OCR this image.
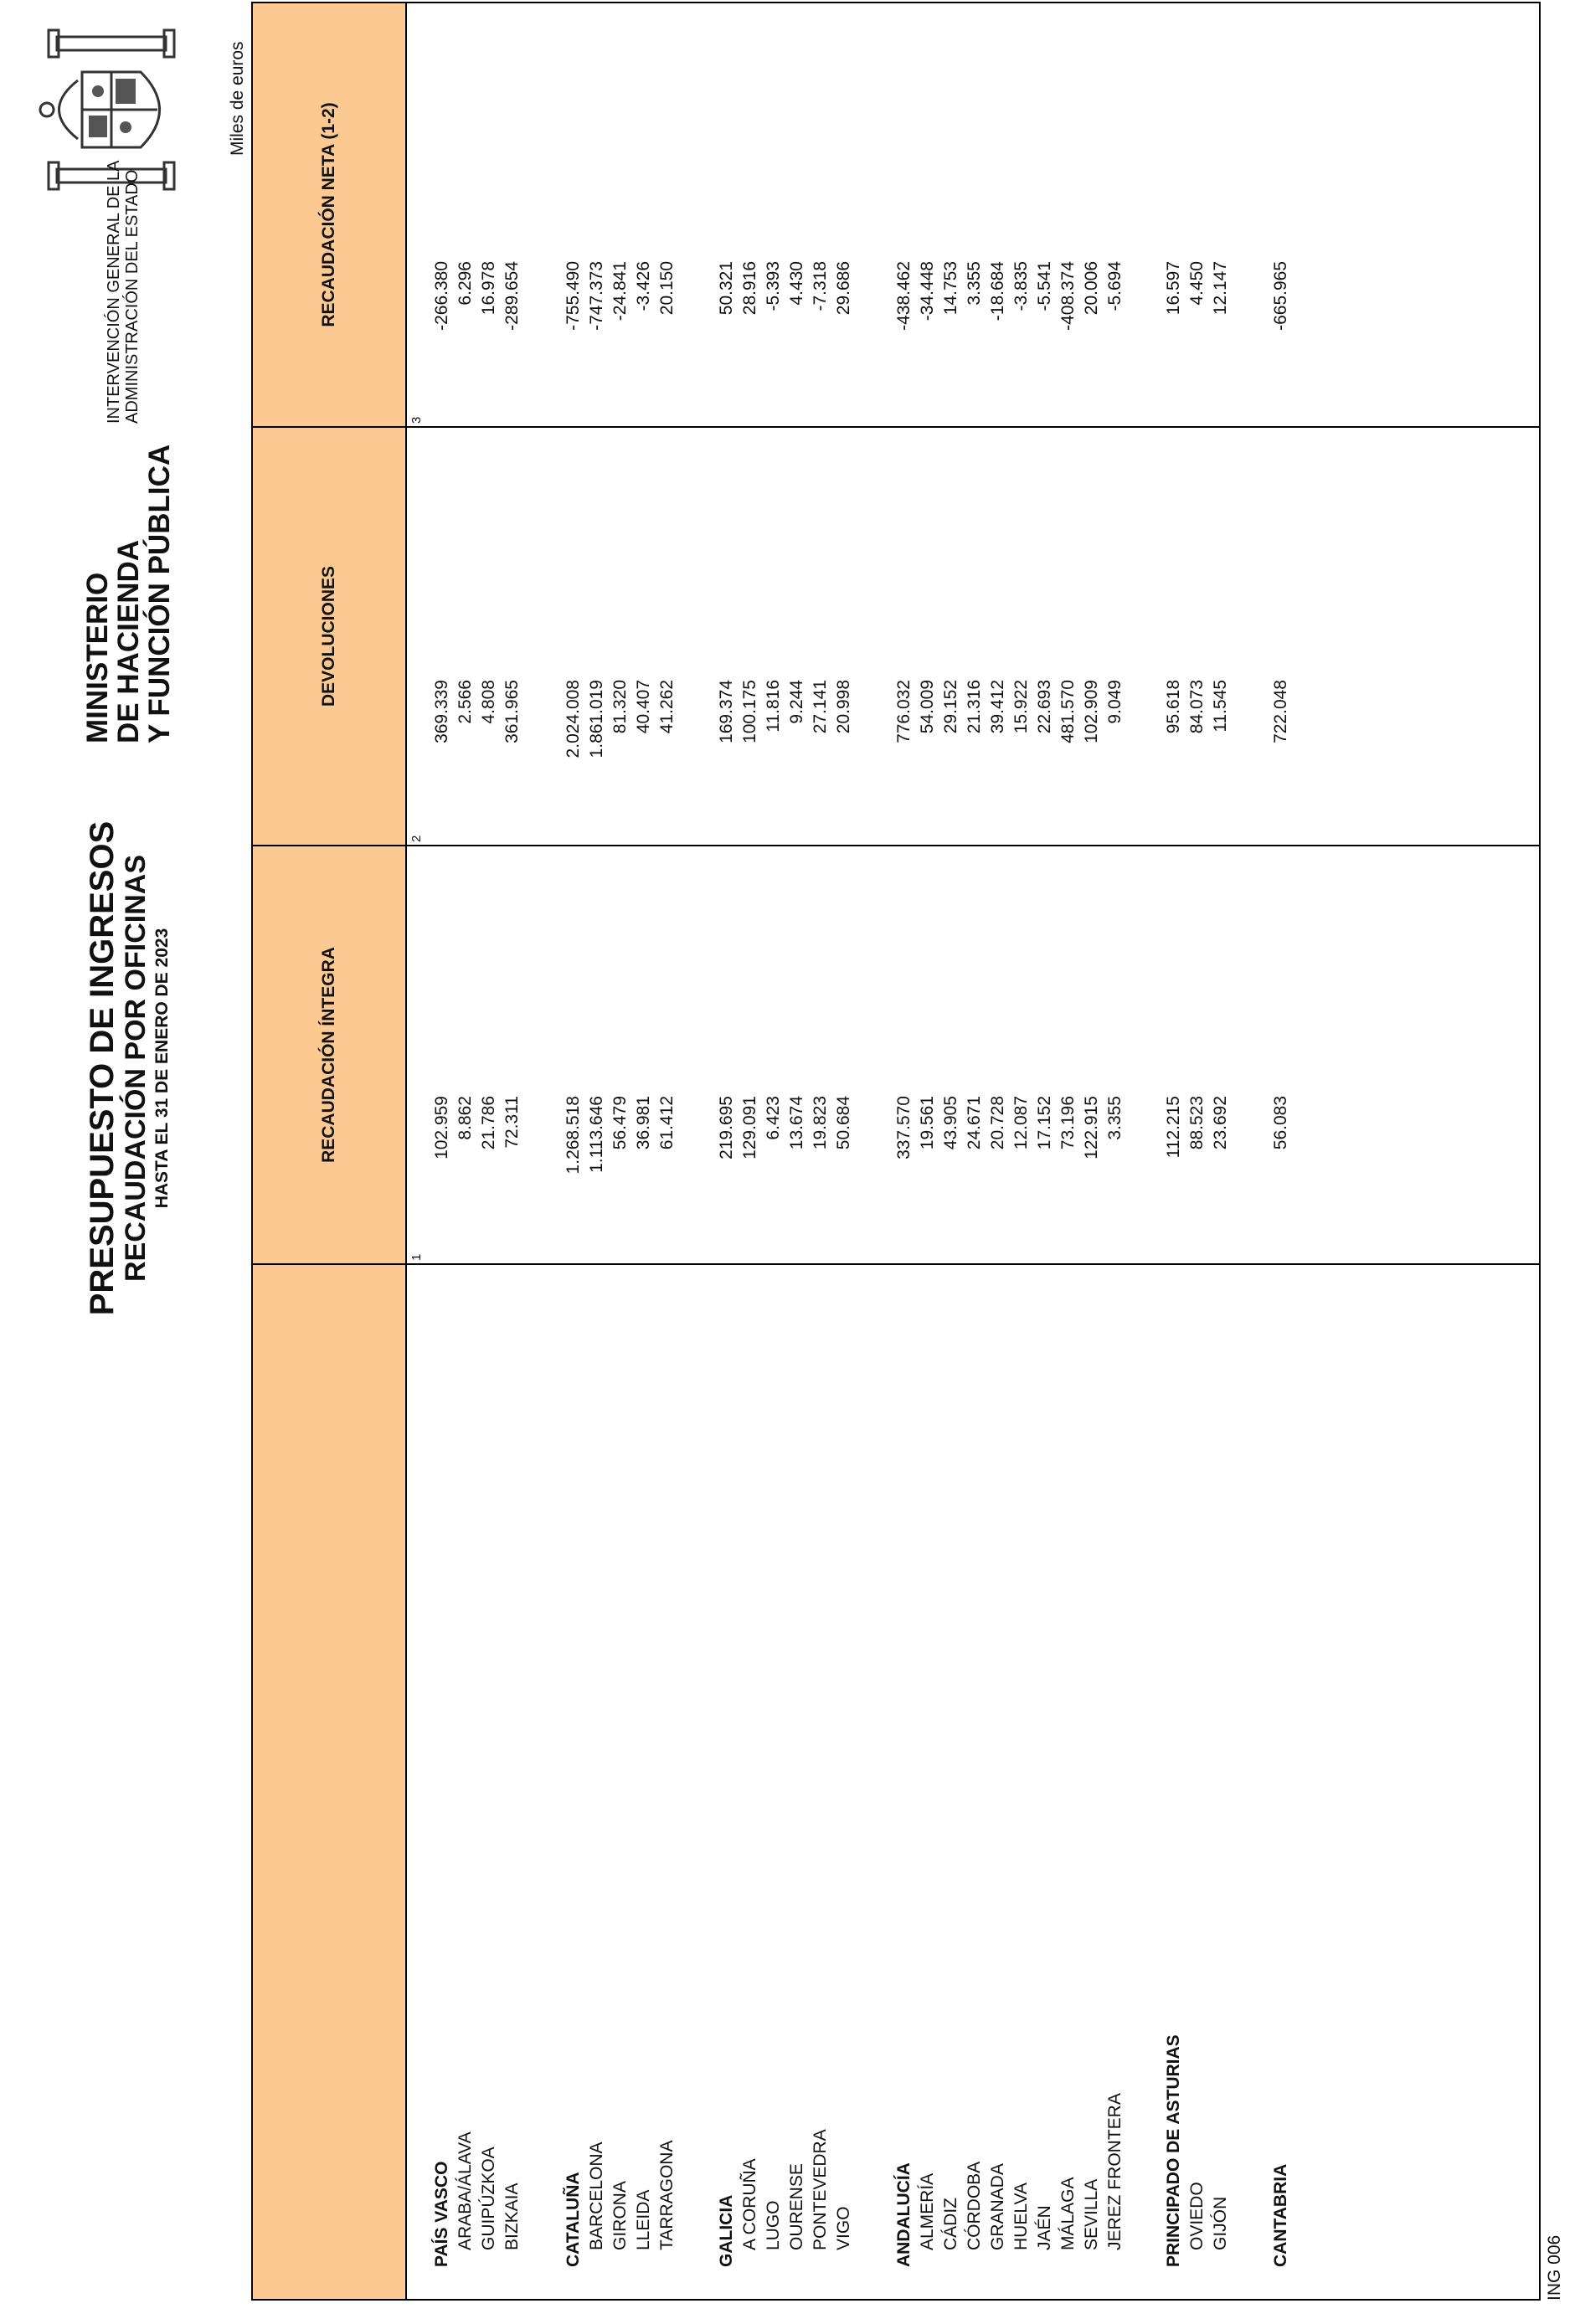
MINISTERIO
DE HACIENDA
Y FUNCIÓN PÚBLICA
PRESUPUESTO DE INGRESOS RECAUDACIÓN POR OFICINAS HASTA EL 31 DE ENERO DE 2023
INTERVENCIÓN GENERAL DE LA ADMINISTRACIÓN DEL ESTADO
Miles de euros
ING 006
RECAUDACIÓN ÍNTEGRA
DEVOLUCIONES
RECAUDACIÓN NETA (1-2)
1
2
3
PAÍS VASCO
102.959
369.339
-266.380
ARABA/ÁLAVA
8.862
2.566
6.296
GUIPÚZKOA
21.786
4.808
16.978
BIZKAIA
72.311
361.965
-289.654
CATALUÑA
1.268.518
2.024.008
-755.490
BARCELONA
1.113.646
1.861.019
-747.373
GIRONA
56.479
81.320
-24.841
LLEIDA
36.981
40.407
-3.426
TARRAGONA
61.412
41.262
20.150
GALICIA
219.695
169.374
50.321
A CORUÑA
129.091
100.175
28.916
LUGO
6.423
11.816
-5.393
OURENSE
13.674
9.244
4.430
PONTEVEDRA
19.823
27.141
-7.318
VIGO
50.684
20.998
29.686
ANDALUCÍA
337.570
776.032
-438.462
ALMERÍA
19.561
54.009
-34.448
CÁDIZ
43.905
29.152
14.753
CÓRDOBA
24.671
21.316
3.355
GRANADA
20.728
39.412
-18.684
HUELVA
12.087
15.922
-3.835
JAÉN
17.152
22.693
-5.541
MÁLAGA
73.196
481.570
-408.374
SEVILLA
122.915
102.909
20.006
JEREZ FRONTERA
3.355
9.049
-5.694
PRINCIPADO DE ASTURIAS
112.215
95.618
16.597
OVIEDO
88.523
84.073
4.450
GIJÓN
23.692
11.545
12.147
CANTABRIA
56.083
722.048
-665.965
